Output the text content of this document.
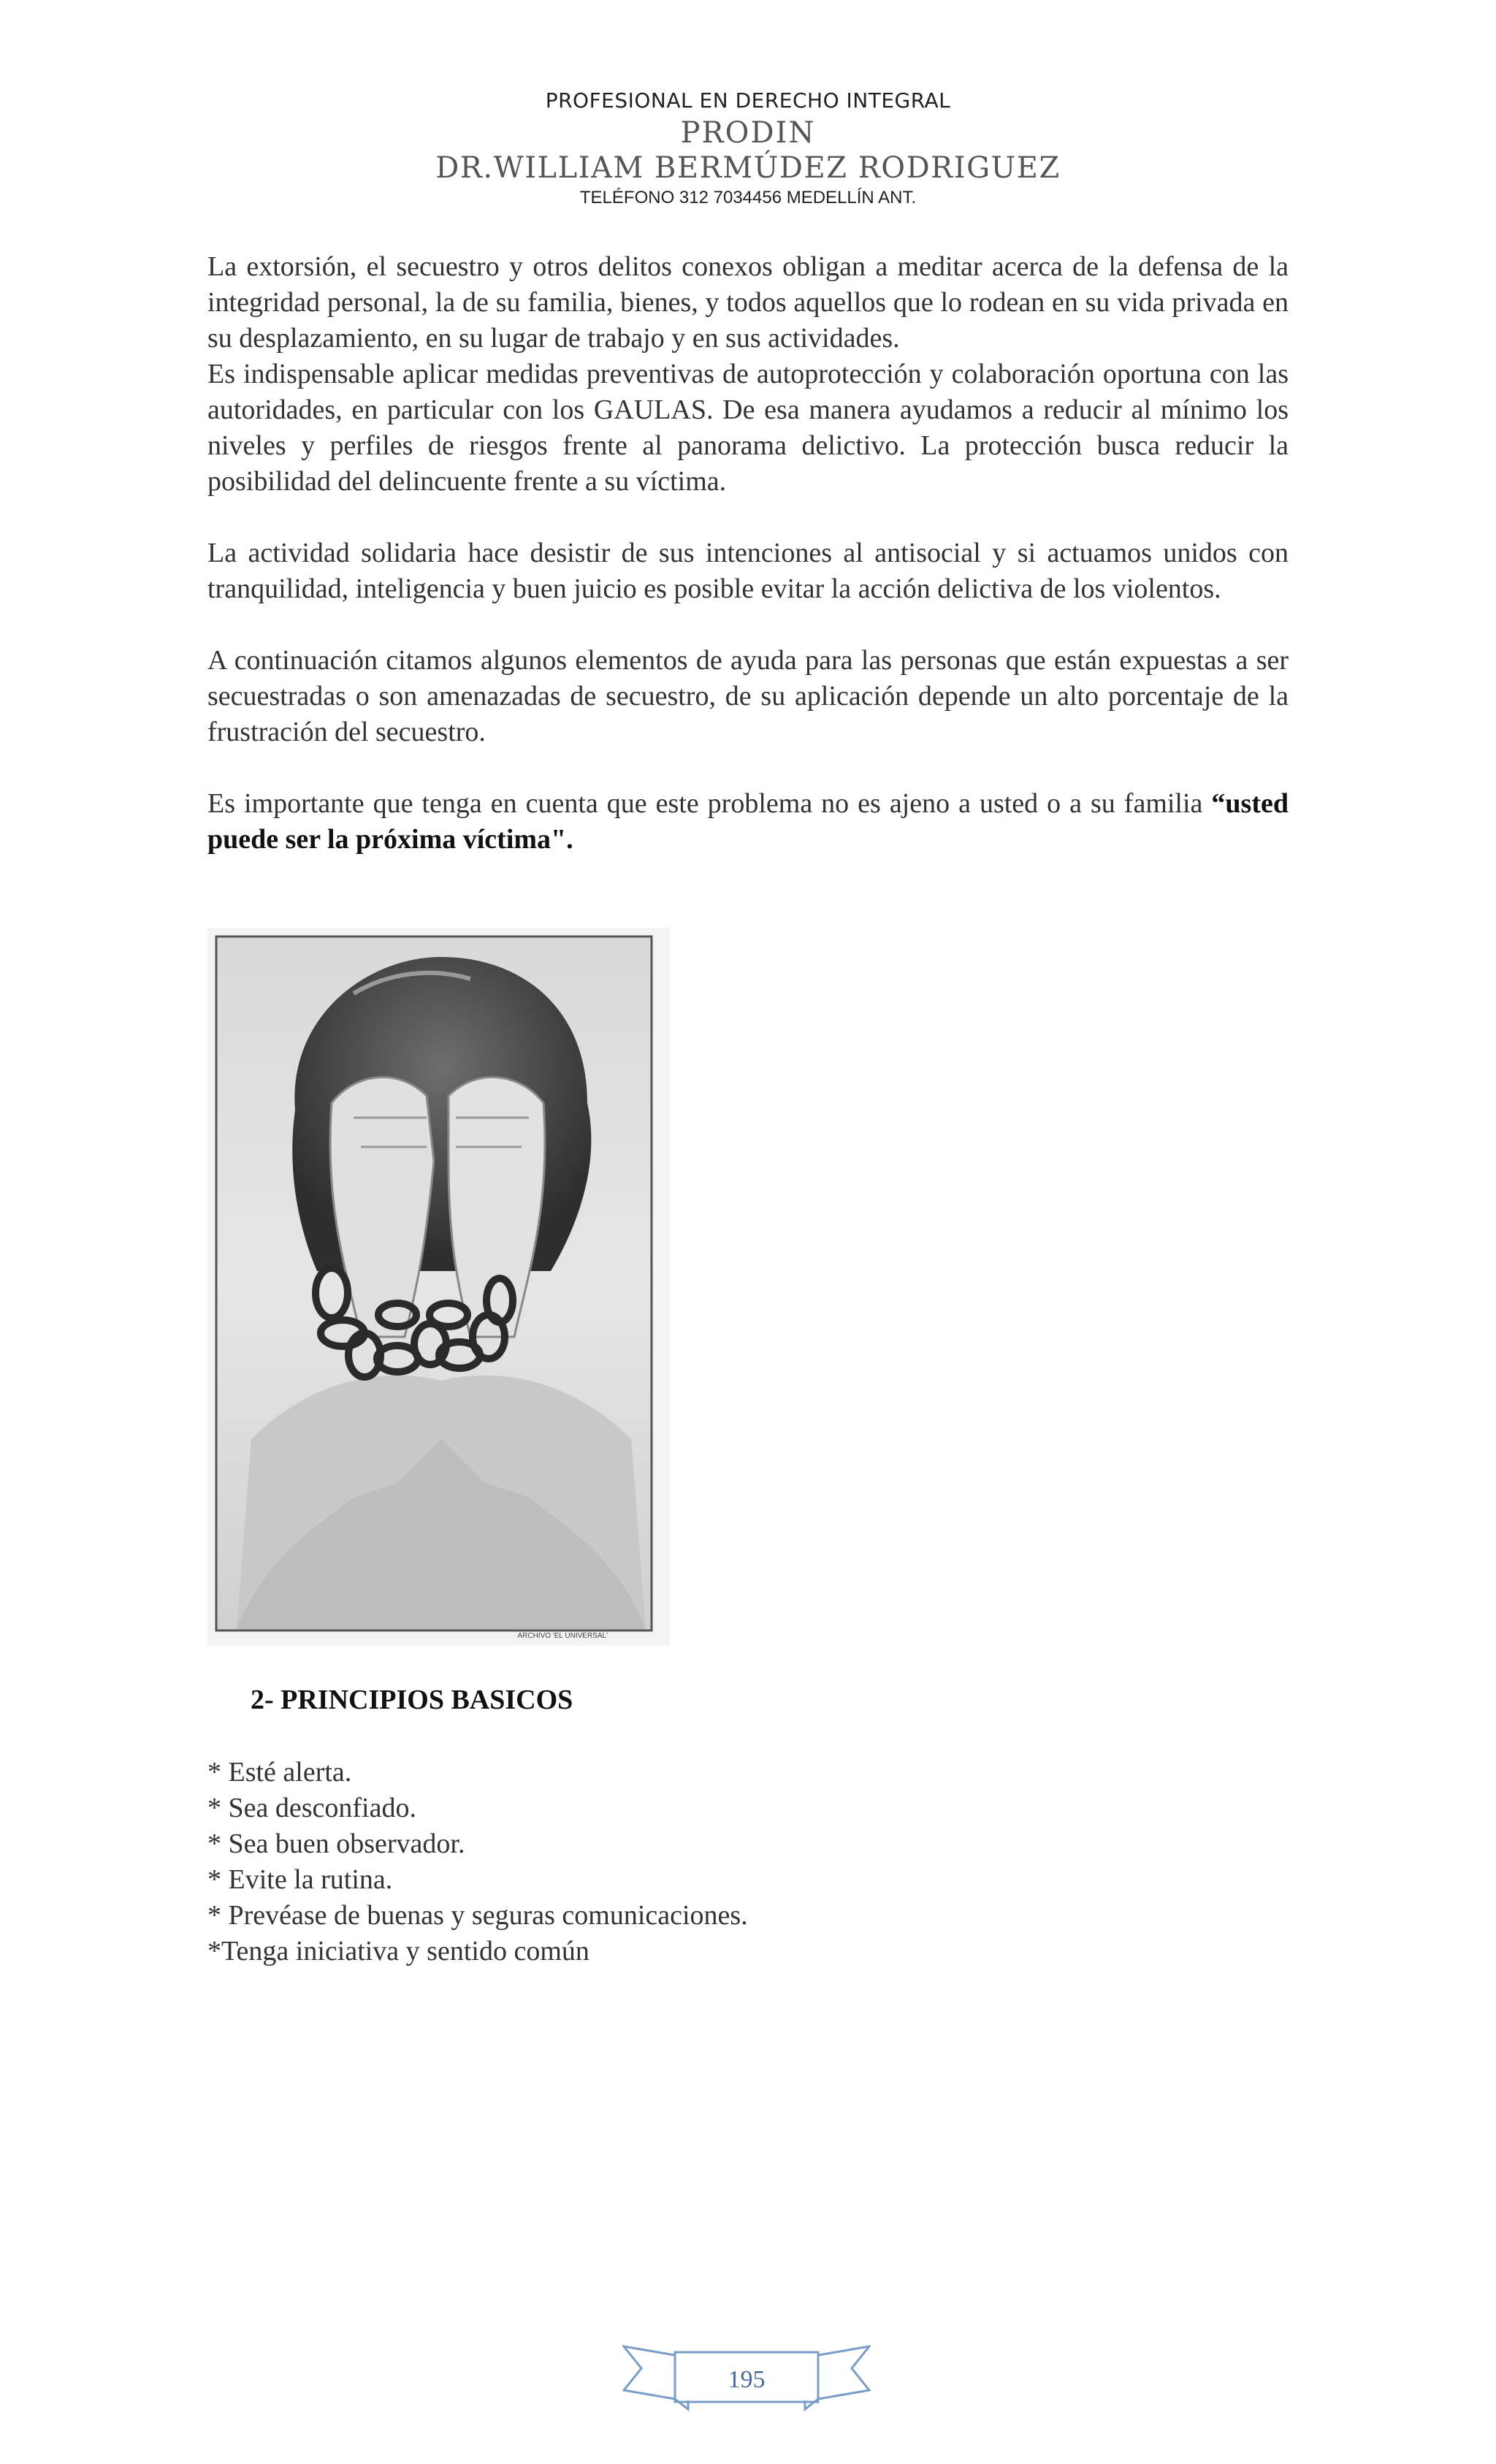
PROFESIONAL EN DERECHO INTEGRAL
PRODIN
DR.WILLIAM BERMÚDEZ RODRIGUEZ
TELÉFONO 312 7034456 MEDELLÍN ANT.

La extorsión, el secuestro y otros delitos conexos obligan a meditar acerca de la defensa de la integridad personal, la de su familia, bienes, y todos aquellos que lo rodean en su vida privada en su desplazamiento, en su lugar de trabajo y en sus actividades.

Es indispensable aplicar medidas preventivas de autoprotección y colaboración oportuna con las autoridades, en particular con los GAULAS. De esa manera ayudamos a reducir al mínimo los niveles y perfiles de riesgos frente al panorama delictivo. La protección busca reducir la posibilidad del delincuente frente a su víctima.

La actividad solidaria hace desistir de sus intenciones al antisocial y si actuamos unidos con tranquilidad, inteligencia y buen juicio es posible evitar la acción delictiva de los violentos.

A continuación citamos algunos elementos de ayuda para las personas que están expuestas a ser secuestradas o son amenazadas de secuestro, de su aplicación depende un alto porcentaje de la frustración del secuestro.

Es importante que tenga en cuenta que este problema no es ajeno a usted o a su familia “usted puede ser la próxima víctima".

ARCHIVO 'EL UNIVERSAL'
2- PRINCIPIOS BASICOS
* Esté alerta.
* Sea desconfiado.
* Sea buen observador.
* Evite la rutina.
* Prevéase de buenas y seguras comunicaciones.
*Tenga iniciativa y sentido común
195
